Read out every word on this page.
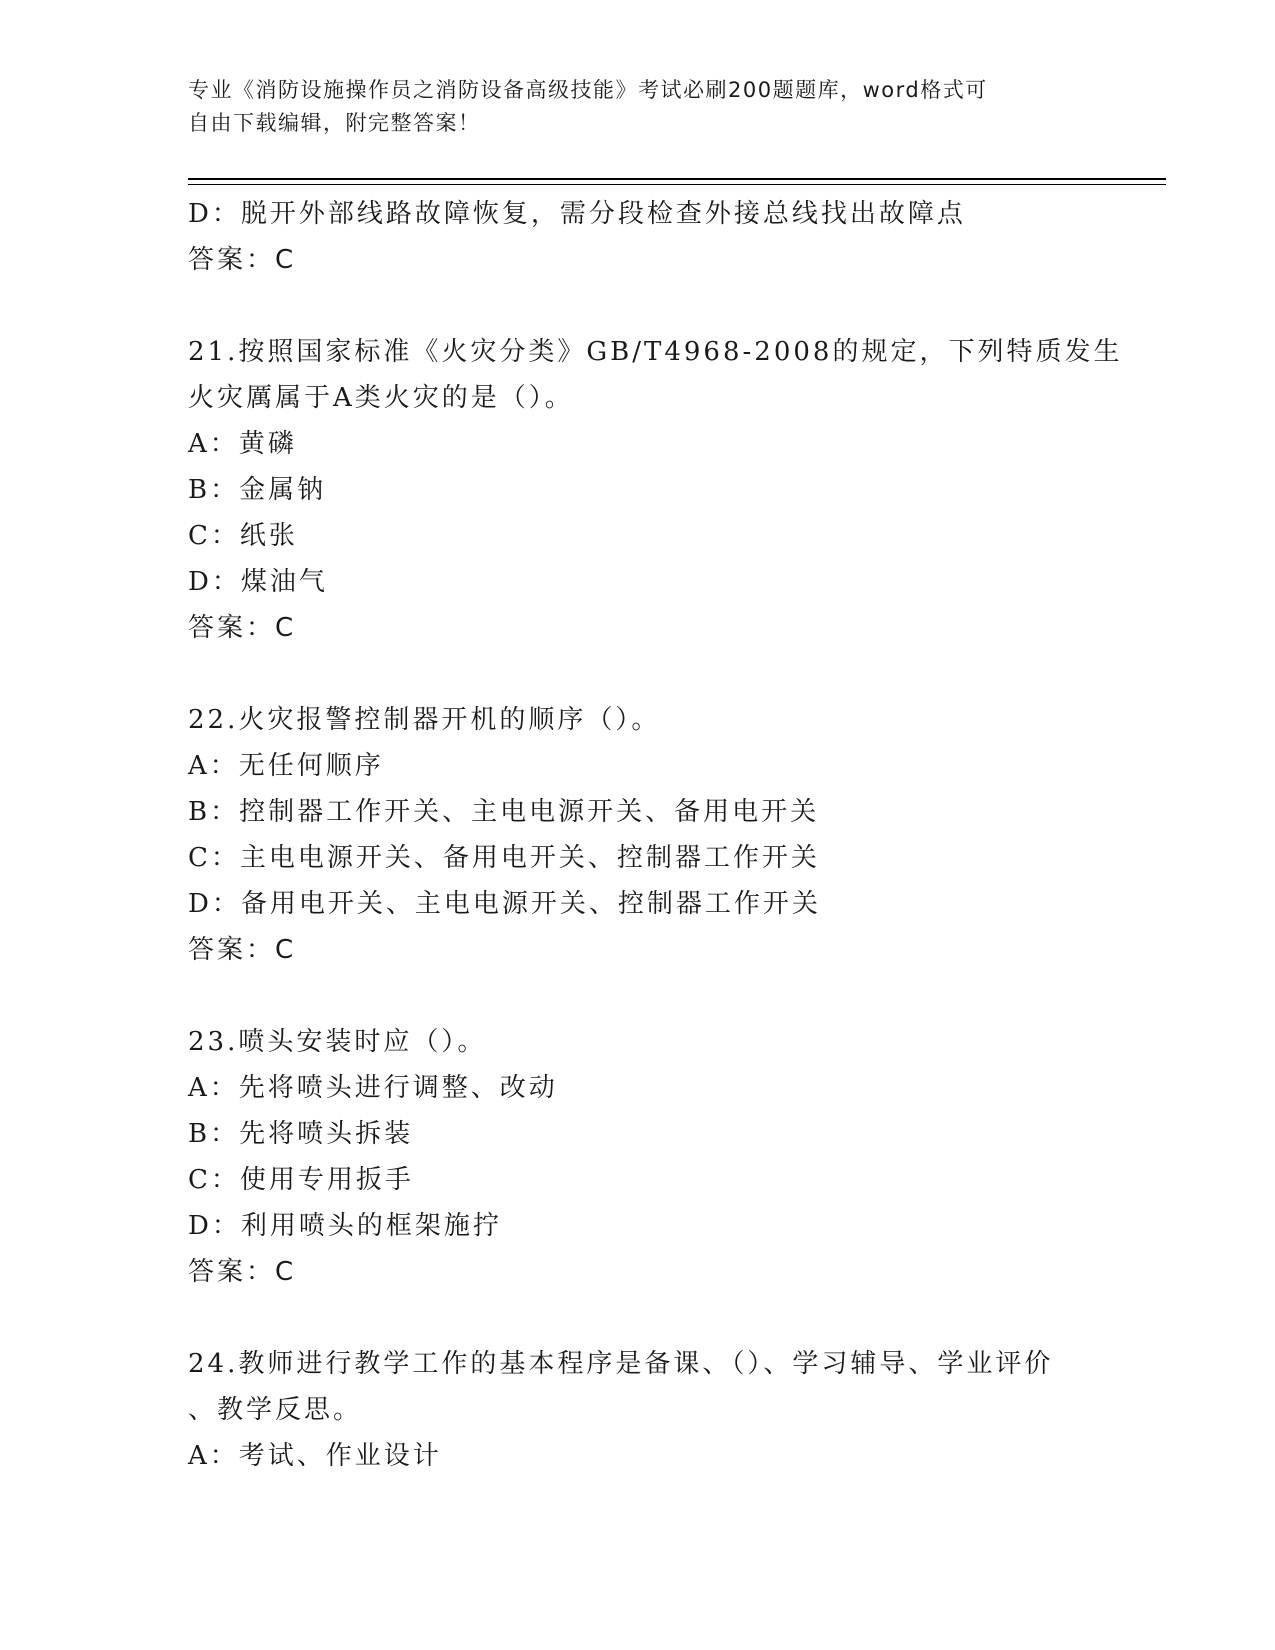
专业《消防设施操作员之消防设备高级技能》考试必刷200题题库，word格式可
自由下载编辑，附完整答案！
D：脱开外部线路故障恢复，需分段检查外接总线找出故障点
答案：C
21.按照国家标准《火灾分类》GB/T4968-2008的规定，下列特质发生
火灾厲属于A类火灾的是（）。
A：黄磷
B：金属钠
C：纸张
D：煤油气
答案：C
22.火灾报警控制器开机的顺序（）。
A：无任何顺序
B：控制器工作开关、主电电源开关、备用电开关
C：主电电源开关、备用电开关、控制器工作开关
D：备用电开关、主电电源开关、控制器工作开关
答案：C
23.喷头安装时应（）。
A：先将喷头进行调整、改动
B：先将喷头拆装
C：使用专用扳手
D：利用喷头的框架施拧
答案：C
24.教师进行教学工作的基本程序是备课、（）、学习辅导、学业评价
、教学反思。
A：考试、作业设计
